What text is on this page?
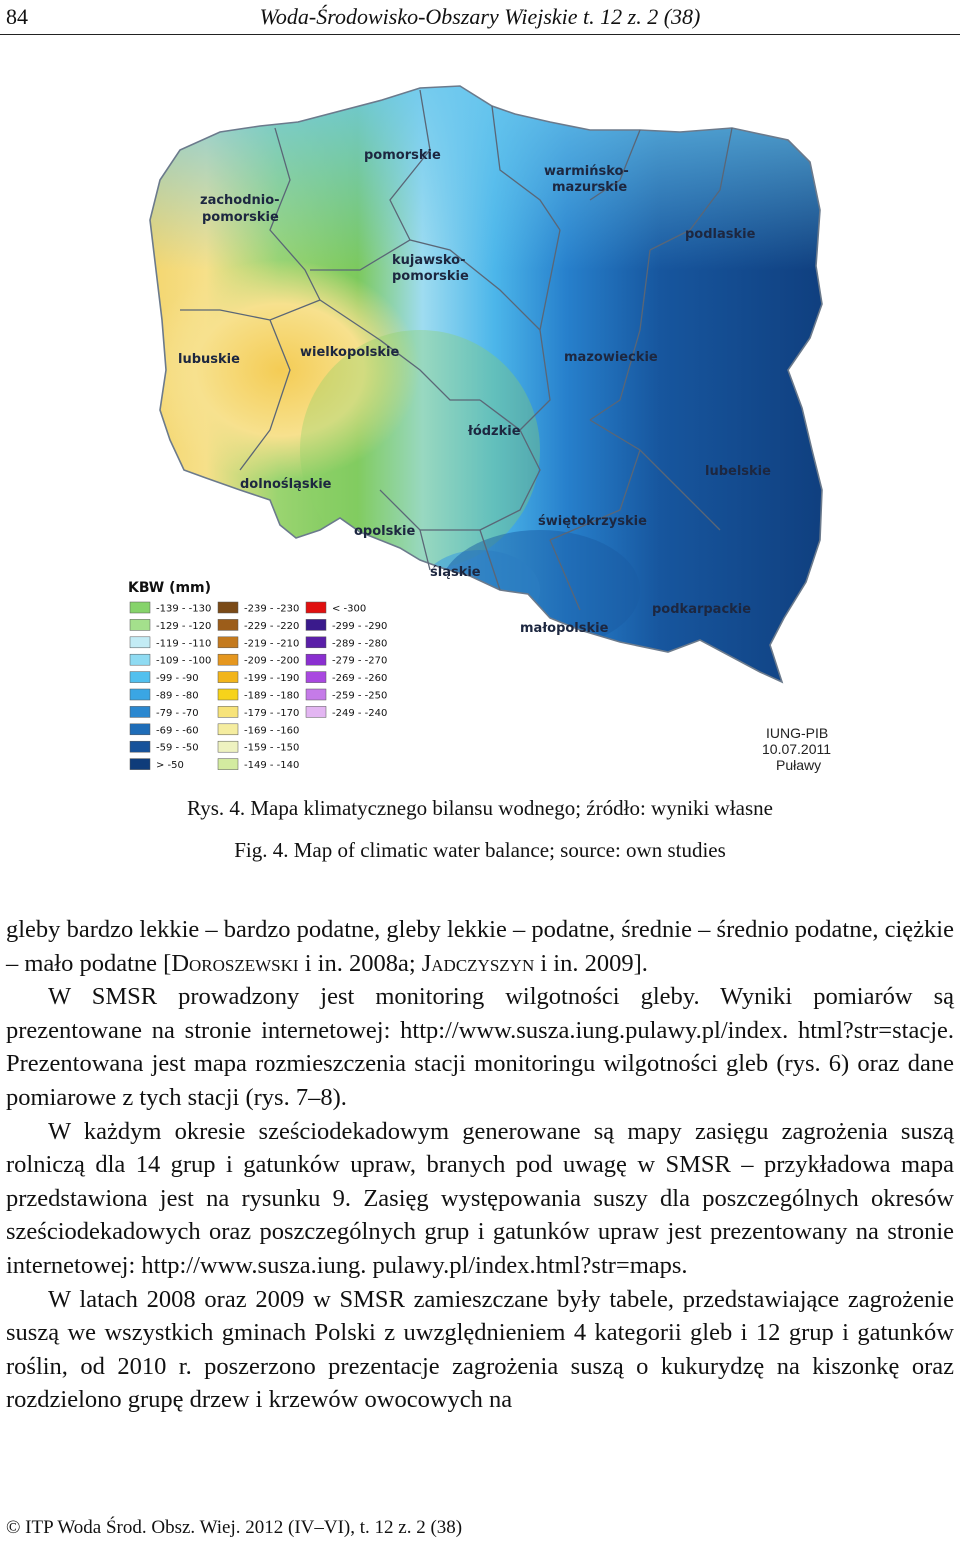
84	Woda-Środowisko-Obszary Wiejskie t. 12 z. 2 (38)
pomorskie
zachodnio-
pomorskie
warmińsko-
mazurskie
podlaskie
kujawsko-
pomorskie
lubuskie	wielkopolskie	mazowieckie
łódzkie
lubelskie
dolnośląskie
świętokrzyskie
opolskie
śląskie
podkarpackie
małopolskie
KBW (mm)
-139 - -130
-129 - -120
-119 - -110
-109 - -100
-99 - -90
-89 - -80
-79 - -70
-69 - -60
-59 - -50
> -50
-239 - -230
-229 - -220
-219 - -210
-209 - -200
-199 - -190
-189 - -180
-179 - -170
-169 - -160
-159 - -150
-149 - -140
< -300
-299 - -290
-289 - -280
-279 - -270
-269 - -260
-259 - -250
-249 - -240
IUNG-PIB
10.07.2011
Puławy
Rys. 4. Mapa klimatycznego bilansu wodnego; źródło: wyniki własne
Fig. 4. Map of climatic water balance; source: own studies

gleby bardzo lekkie – bardzo podatne, gleby lekkie – podatne, średnie – średnio podatne, ciężkie – mało podatne [Doroszewski i in. 2008a; Jadczyszyn i in. 2009].

W SMSR prowadzony jest monitoring wilgotności gleby. Wyniki pomiarów są prezentowane na stronie internetowej: http://www.susza.iung.pulawy.pl/index. html?str=stacje. Prezentowana jest mapa rozmieszczenia stacji monitoringu wilgotności gleb (rys. 6) oraz dane pomiarowe z tych stacji (rys. 7–8).

W każdym okresie sześciodekadowym generowane są mapy zasięgu zagrożenia suszą rolniczą dla 14 grup i gatunków upraw, branych pod uwagę w SMSR – przykładowa mapa przedstawiona jest na rysunku 9. Zasięg występowania suszy dla poszczególnych okresów sześciodekadowych oraz poszczególnych grup i gatunków upraw jest prezentowany na stronie internetowej: http://www.susza.iung. pulawy.pl/index.html?str=maps.

W latach 2008 oraz 2009 w SMSR zamieszczane były tabele, przedstawiające zagrożenie suszą we wszystkich gminach Polski z uwzględnieniem 4 kategorii gleb i 12 grup i gatunków roślin, od 2010 r. poszerzono prezentacje zagrożenia suszą o kukurydzę na kiszonkę oraz rozdzielono grupę drzew i krzewów owocowych na

© ITP Woda Środ. Obsz. Wiej. 2012 (IV–VI), t. 12 z. 2 (38)
